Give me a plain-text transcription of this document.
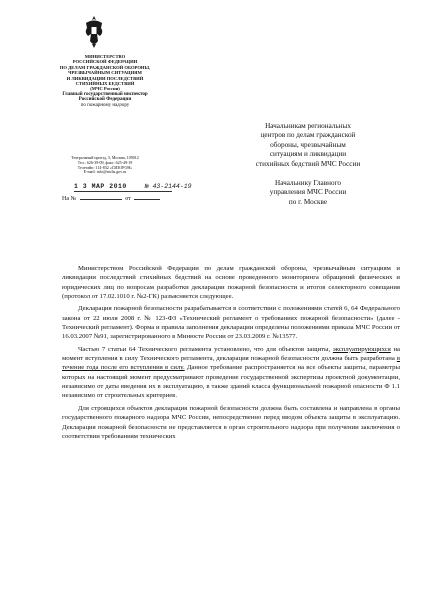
МИНИСТЕРСТВО
РОССИЙСКОЙ ФЕДЕРАЦИИ
ПО ДЕЛАМ ГРАЖДАНСКОЙ ОБОРОНЫ,
ЧРЕЗВЫЧАЙНЫМ СИТУАЦИЯМ
И ЛИКВИДАЦИИ ПОСЛЕДСТВИЙ
СТИХИЙНЫХ БЕДСТВИЙ
(МЧС России)
Главный государственный инспектор
Российской Федерации
по пожарному надзору
Театральный проезд, 3, Москва, 109012
Тел.: 626-39-09, факс: 625-49-19
Телетайп: 114-832 «СИЗОРОН»
E-mail: info@mchs.gov.ru
1 3 МАР 2010	№ 43-2144-19
На №	от
Начальникам региональных
центров по делам гражданской
обороны, чрезвычайным
ситуациям и ликвидации
стихийных бедствий МЧС России
Начальнику Главного
управления МЧС России
по г. Москве

Министерством Российской Федерации по делам гражданской обороны, чрезвычайным ситуациям и ликвидации последствий стихийных бедствий на основе проведенного мониторинга обращений физических и юридических лиц по вопросам разработки декларации пожарной безопасности и итогов селекторного совещания (протокол от 17.02.1010 г. №2-ГК) разъясняется следующее.

Декларация пожарной безопасности разрабатывается в соответствии с положениями статей 6, 64 Федерального закона от 22 июля 2008 г. № 123-ФЗ «Технический регламент о требованиях пожарной безопасности» (далее - Технический регламент). Форма и правила заполнения декларации определены положениями приказа МЧС России от 16.03.2007 №91, зарегистрированного в Минюсте России от 23.03.2009 г. №13577.

Частью 7 статьи 64 Технического регламента установлено, что для объектов защиты, эксплуатирующихся на момент вступления в силу Технического регламента, декларация пожарной безопасности должна быть разработана в течение года после его вступления в силу. Данное требование распространяется на все объекты защиты, параметры которых на настоящий момент предусматривают проведение государственной экспертизы проектной документации, независимо от даты введения их в эксплуатацию, в также зданий класса функциональной пожарной опасности Ф 1.1 независимо от строительных критериев.

Для строящихся объектов декларация пожарной безопасности должна быть составлена и направлена в органы государственного пожарного надзора МЧС России, непосредственно перед вводом объекта защиты в эксплуатацию. Декларация пожарной безопасности не представляется в орган строительного надзора при получении заключения о соответствии требованиям технических
